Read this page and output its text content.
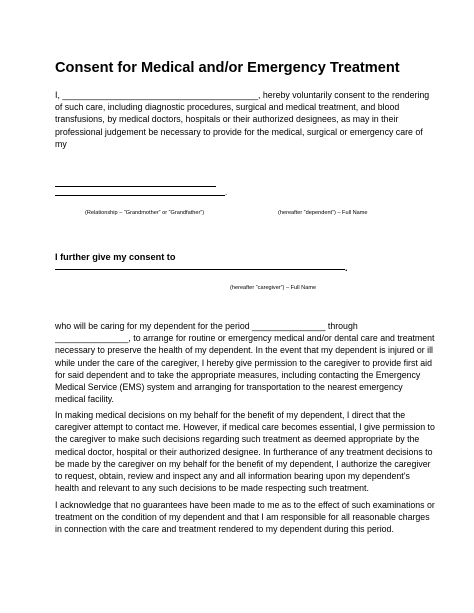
Consent for Medical and/or Emergency Treatment

I, ________________________________________, hereby voluntarily consent to the rendering of such care, including diagnostic procedures, surgical and medical treatment, and blood transfusions, by medical doctors, hospitals or their authorized designees, as may in their professional judgement be necessary to provide for the medical, surgical or emergency care of my

.

(Relationship – “Grandmother” or “Grandfather”)	(hereafter “dependent”) – Full Name

I further give my consent to

.

(hereafter “caregiver”) – Full Name

who will be caring for my dependent for the period _______________ through _______________, to arrange for routine or emergency medical and/or dental care and treatment necessary to preserve the health of my dependent. In the event that my dependent is injured or ill while under the care of the caregiver, I hereby give permission to the caregiver to provide first aid for said dependent and to take the appropriate measures, including contacting the Emergency Medical Service (EMS) system and arranging for transportation to the nearest emergency medical facility.

In making medical decisions on my behalf for the benefit of my dependent, I direct that the caregiver attempt to contact me. However, if medical care becomes essential, I give permission to the caregiver to make such decisions regarding such treatment as deemed appropriate by the medical doctor, hospital or their authorized designee. In furtherance of any treatment decisions to be made by the caregiver on my behalf for the benefit of my dependent, I authorize the caregiver to request, obtain, review and inspect any and all information bearing upon my dependent’s health and relevant to any such decisions to be made respecting such treatment.

I acknowledge that no guarantees have been made to me as to the effect of such examinations or treatment on the condition of my dependent and that I am responsible for all reasonable charges in connection with the care and treatment rendered to my dependent during this period.
